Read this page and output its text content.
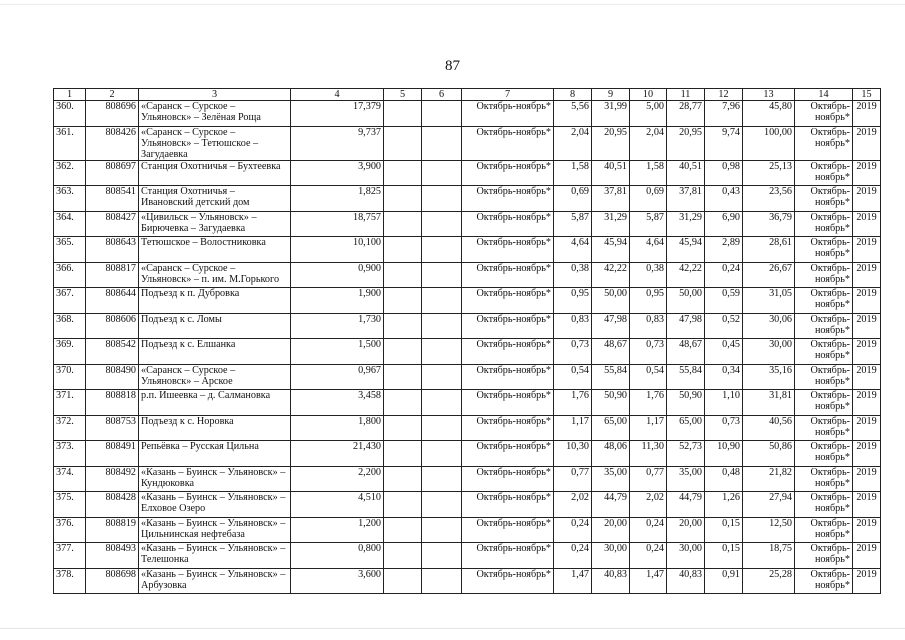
87
1	2	3	4	5	6	7	8	9	10	11	12	13	14	15
360.	808696	«Саранск – Сурское – Ульяновск» – Зелёная Роща	17,379			Октябрь-ноябрь*	5,56	31,99	5,00	28,77	7,96	45,80	Октябрь-ноябрь*	2019
361.	808426	«Саранск – Сурское – Ульяновск» – Тетюшское – Загудаевка	9,737			Октябрь-ноябрь*	2,04	20,95	2,04	20,95	9,74	100,00	Октябрь-ноябрь*	2019
362.	808697	Станция Охотничья – Бухтеевка	3,900			Октябрь-ноябрь*	1,58	40,51	1,58	40,51	0,98	25,13	Октябрь-ноябрь*	2019
363.	808541	Станция Охотничья – Ивановский детский дом	1,825			Октябрь-ноябрь*	0,69	37,81	0,69	37,81	0,43	23,56	Октябрь-ноябрь*	2019
364.	808427	«Цивильск – Ульяновск» – Бирючевка – Загудаевка	18,757			Октябрь-ноябрь*	5,87	31,29	5,87	31,29	6,90	36,79	Октябрь-ноябрь*	2019
365.	808643	Тетюшское – Волостниковка	10,100			Октябрь-ноябрь*	4,64	45,94	4,64	45,94	2,89	28,61	Октябрь-ноябрь*	2019
366.	808817	«Саранск – Сурское – Ульяновск» – п. им. М.Горького	0,900			Октябрь-ноябрь*	0,38	42,22	0,38	42,22	0,24	26,67	Октябрь-ноябрь*	2019
367.	808644	Подъезд к п. Дубровка	1,900			Октябрь-ноябрь*	0,95	50,00	0,95	50,00	0,59	31,05	Октябрь-ноябрь*	2019
368.	808606	Подъезд к с. Ломы	1,730			Октябрь-ноябрь*	0,83	47,98	0,83	47,98	0,52	30,06	Октябрь-ноябрь*	2019
369.	808542	Подъезд к с. Елшанка	1,500			Октябрь-ноябрь*	0,73	48,67	0,73	48,67	0,45	30,00	Октябрь-ноябрь*	2019
370.	808490	«Саранск – Сурское – Ульяновск» – Арское	0,967			Октябрь-ноябрь*	0,54	55,84	0,54	55,84	0,34	35,16	Октябрь-ноябрь*	2019
371.	808818	р.п. Ишеевка – д. Салмановка	3,458			Октябрь-ноябрь*	1,76	50,90	1,76	50,90	1,10	31,81	Октябрь-ноябрь*	2019
372.	808753	Подъезд к с. Норовка	1,800			Октябрь-ноябрь*	1,17	65,00	1,17	65,00	0,73	40,56	Октябрь-ноябрь*	2019
373.	808491	Репьёвка – Русская Цильна	21,430			Октябрь-ноябрь*	10,30	48,06	11,30	52,73	10,90	50,86	Октябрь-ноябрь*	2019
374.	808492	«Казань – Буинск – Ульяновск» – Кундюковка	2,200			Октябрь-ноябрь*	0,77	35,00	0,77	35,00	0,48	21,82	Октябрь-ноябрь*	2019
375.	808428	«Казань – Буинск – Ульяновск» – Елховое Озеро	4,510			Октябрь-ноябрь*	2,02	44,79	2,02	44,79	1,26	27,94	Октябрь-ноябрь*	2019
376.	808819	«Казань – Буинск – Ульяновск» – Цильнинская нефтебаза	1,200			Октябрь-ноябрь*	0,24	20,00	0,24	20,00	0,15	12,50	Октябрь-ноябрь*	2019
377.	808493	«Казань – Буинск – Ульяновск» – Телешонка	0,800			Октябрь-ноябрь*	0,24	30,00	0,24	30,00	0,15	18,75	Октябрь-ноябрь*	2019
378.	808698	«Казань – Буинск – Ульяновск» – Арбузовка	3,600			Октябрь-ноябрь*	1,47	40,83	1,47	40,83	0,91	25,28	Октябрь-ноябрь*	2019
